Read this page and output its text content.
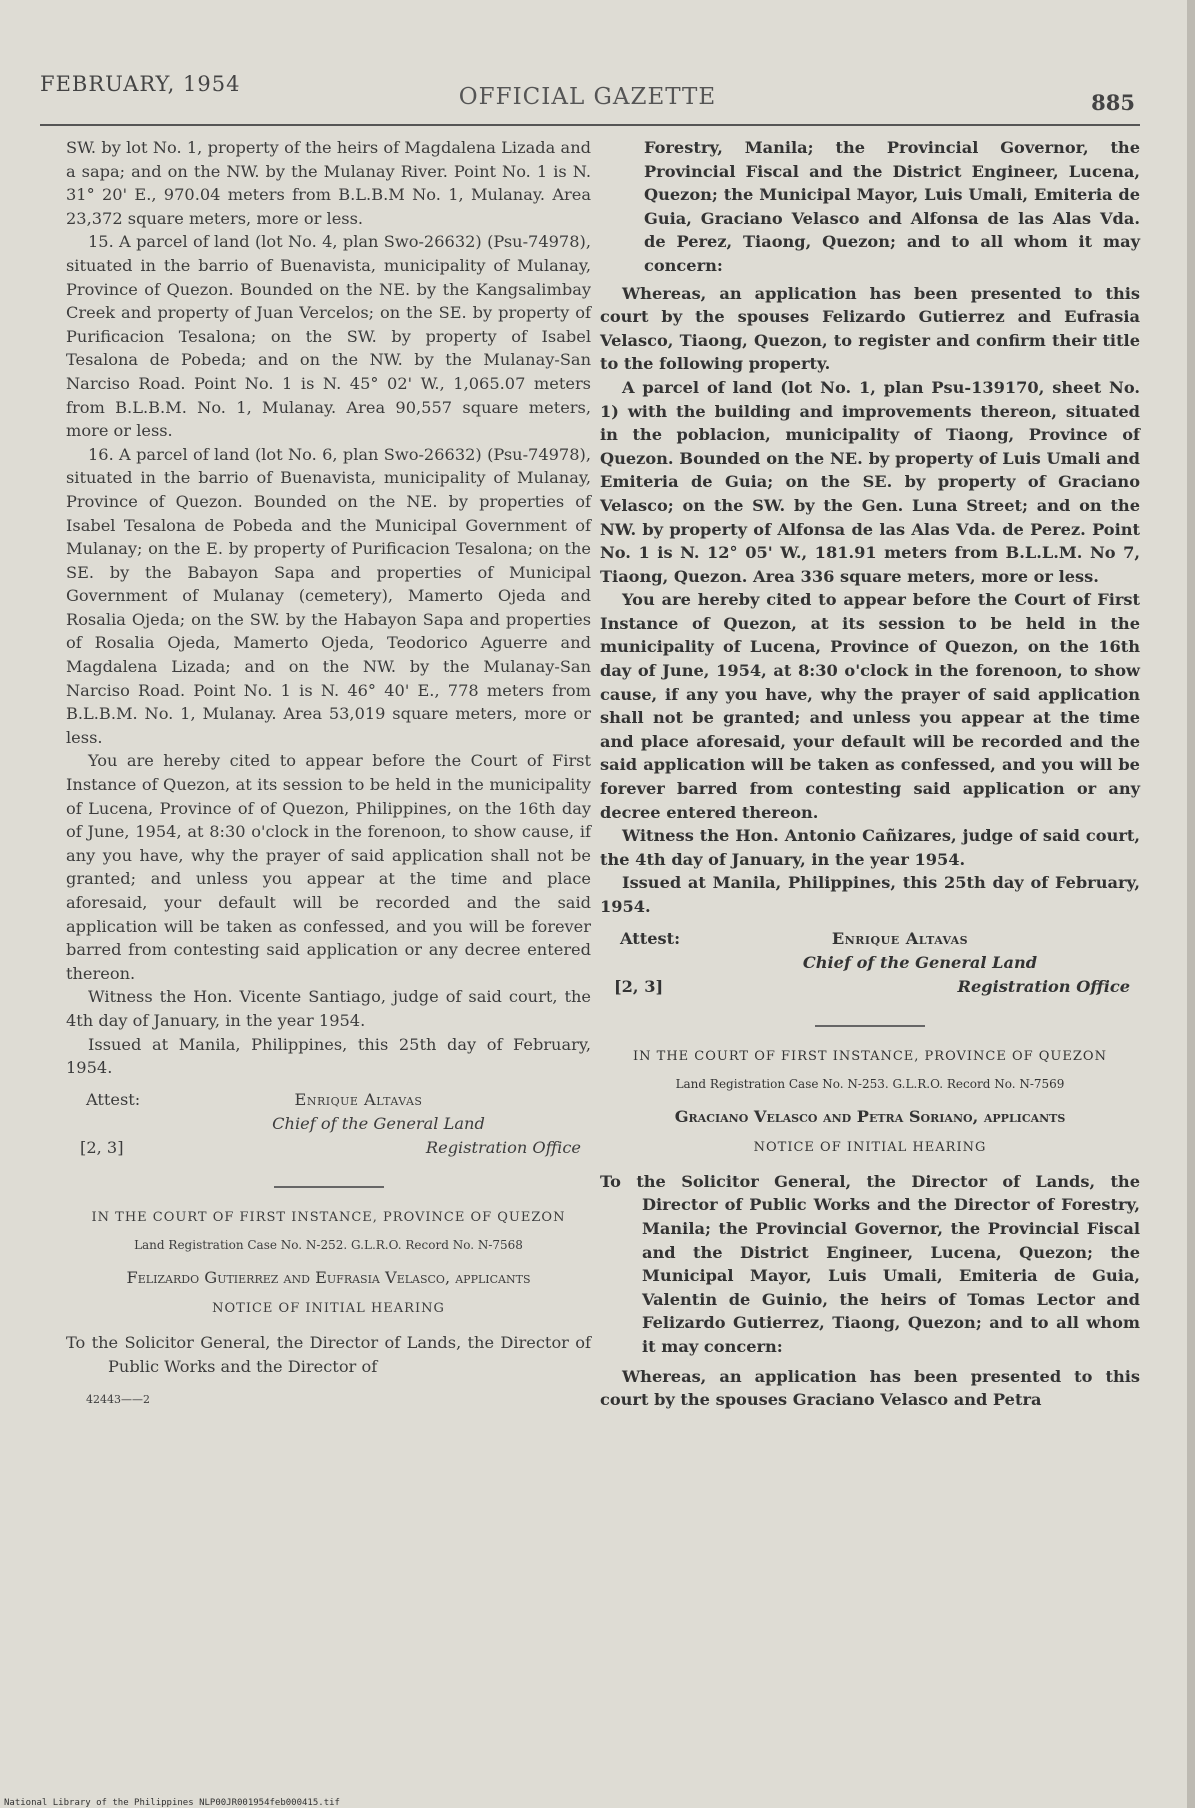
FEBRUARY, 1954	OFFICIAL GAZETTE	885

SW. by lot No. 1, property of the heirs of Magdalena Lizada and a sapa; and on the NW. by the Mulanay River. Point No. 1 is N. 31° 20' E., 970.04 meters from B.L.B.M No. 1, Mulanay. Area 23,372 square meters, more or less.

15. A parcel of land (lot No. 4, plan Swo-26632) (Psu-74978), situated in the barrio of Buenavista, municipality of Mulanay, Province of Quezon. Bounded on the NE. by the Kangsalimbay Creek and property of Juan Vercelos; on the SE. by property of Purificacion Tesalona; on the SW. by property of Isabel Tesalona de Pobeda; and on the NW. by the Mulanay-San Narciso Road. Point No. 1 is N. 45° 02' W., 1,065.07 meters from B.L.B.M. No. 1, Mulanay. Area 90,557 square meters, more or less.

16. A parcel of land (lot No. 6, plan Swo-26632) (Psu-74978), situated in the barrio of Buenavista, municipality of Mulanay, Province of Quezon. Bounded on the NE. by properties of Isabel Tesalona de Pobeda and the Municipal Government of Mulanay; on the E. by property of Purificacion Tesalona; on the SE. by the Babayon Sapa and properties of Municipal Government of Mulanay (cemetery), Mamerto Ojeda and Rosalia Ojeda; on the SW. by the Habayon Sapa and properties of Rosalia Ojeda, Mamerto Ojeda, Teodorico Aguerre and Magdalena Lizada; and on the NW. by the Mulanay-San Narciso Road. Point No. 1 is N. 46° 40' E., 778 meters from B.L.B.M. No. 1, Mulanay. Area 53,019 square meters, more or less.

You are hereby cited to appear before the Court of First Instance of Quezon, at its session to be held in the municipality of Lucena, Province of of Quezon, Philippines, on the 16th day of June, 1954, at 8:30 o'clock in the forenoon, to show cause, if any you have, why the prayer of said application shall not be granted; and unless you appear at the time and place aforesaid, your default will be recorded and the said application will be taken as confessed, and you will be forever barred from contesting said application or any decree entered thereon.

Witness the Hon. Vicente Santiago, judge of said court, the 4th day of January, in the year 1954.

Issued at Manila, Philippines, this 25th day of February, 1954.

Attest:	Enrique Altavas
Chief of the General Land
[2, 3]	Registration Office
IN THE COURT OF FIRST INSTANCE, PROVINCE OF QUEZON
Land Registration Case No. N-252. G.L.R.O. Record No. N-7568
Felizardo Gutierrez and Eufrasia Velasco, applicants
NOTICE OF INITIAL HEARING

To the Solicitor General, the Director of Lands, the Director of Public Works and the Director of

42443——2

Forestry, Manila; the Provincial Governor, the Provincial Fiscal and the District Engineer, Lucena, Quezon; the Municipal Mayor, Luis Umali, Emiteria de Guia, Graciano Velasco and Alfonsa de las Alas Vda. de Perez, Tiaong, Quezon; and to all whom it may concern:

Whereas, an application has been presented to this court by the spouses Felizardo Gutierrez and Eufrasia Velasco, Tiaong, Quezon, to register and confirm their title to the following property.

A parcel of land (lot No. 1, plan Psu-139170, sheet No. 1) with the building and improvements thereon, situated in the poblacion, municipality of Tiaong, Province of Quezon. Bounded on the NE. by property of Luis Umali and Emiteria de Guia; on the SE. by property of Graciano Velasco; on the SW. by the Gen. Luna Street; and on the NW. by property of Alfonsa de las Alas Vda. de Perez. Point No. 1 is N. 12° 05' W., 181.91 meters from B.L.L.M. No 7, Tiaong, Quezon. Area 336 square meters, more or less.

You are hereby cited to appear before the Court of First Instance of Quezon, at its session to be held in the municipality of Lucena, Province of Quezon, on the 16th day of June, 1954, at 8:30 o'clock in the forenoon, to show cause, if any you have, why the prayer of said application shall not be granted; and unless you appear at the time and place aforesaid, your default will be recorded and the said application will be taken as confessed, and you will be forever barred from contesting said application or any decree entered thereon.

Witness the Hon. Antonio Cañizares, judge of said court, the 4th day of January, in the year 1954.

Issued at Manila, Philippines, this 25th day of February, 1954.

Attest:	Enrique Altavas
Chief of the General Land
[2, 3]	Registration Office
IN THE COURT OF FIRST INSTANCE, PROVINCE OF QUEZON
Land Registration Case No. N-253. G.L.R.O. Record No. N-7569
Graciano Velasco and Petra Soriano, applicants
NOTICE OF INITIAL HEARING

To the Solicitor General, the Director of Lands, the Director of Public Works and the Director of Forestry, Manila; the Provincial Governor, the Provincial Fiscal and the District Engineer, Lucena, Quezon; the Municipal Mayor, Luis Umali, Emiteria de Guia, Valentin de Guinio, the heirs of Tomas Lector and Felizardo Gutierrez, Tiaong, Quezon; and to all whom it may concern:

Whereas, an application has been presented to this court by the spouses Graciano Velasco and Petra

National Library of the Philippines NLP00JR001954feb000415.tif
